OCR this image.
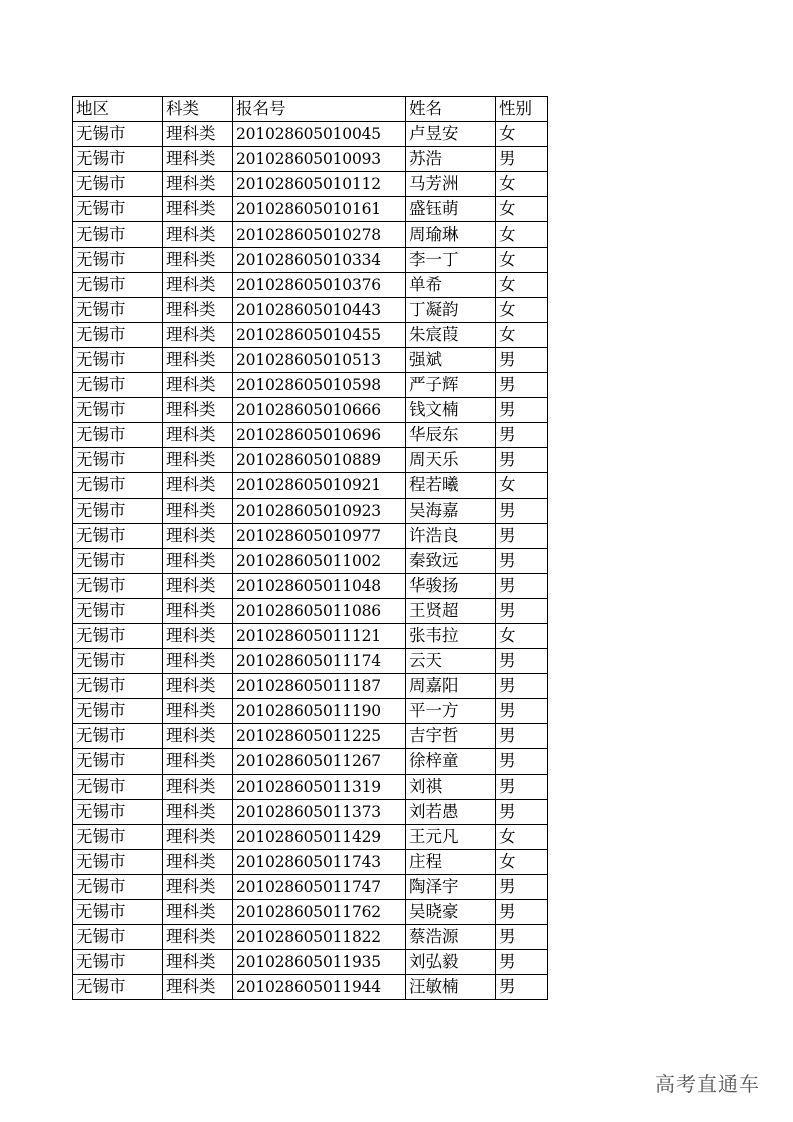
地区	科类	报名号	姓名	性别
无锡市	理科类	201028605010045	卢昱安	女
无锡市	理科类	201028605010093	苏浩	男
无锡市	理科类	201028605010112	马芳洲	女
无锡市	理科类	201028605010161	盛钰萌	女
无锡市	理科类	201028605010278	周瑜琳	女
无锡市	理科类	201028605010334	李一丁	女
无锡市	理科类	201028605010376	单希	女
无锡市	理科类	201028605010443	丁凝韵	女
无锡市	理科类	201028605010455	朱宸葭	女
无锡市	理科类	201028605010513	强斌	男
无锡市	理科类	201028605010598	严子辉	男
无锡市	理科类	201028605010666	钱文楠	男
无锡市	理科类	201028605010696	华辰东	男
无锡市	理科类	201028605010889	周天乐	男
无锡市	理科类	201028605010921	程若曦	女
无锡市	理科类	201028605010923	吴海嘉	男
无锡市	理科类	201028605010977	许浩良	男
无锡市	理科类	201028605011002	秦致远	男
无锡市	理科类	201028605011048	华骏扬	男
无锡市	理科类	201028605011086	王贤超	男
无锡市	理科类	201028605011121	张韦拉	女
无锡市	理科类	201028605011174	云天	男
无锡市	理科类	201028605011187	周嘉阳	男
无锡市	理科类	201028605011190	平一方	男
无锡市	理科类	201028605011225	吉宇哲	男
无锡市	理科类	201028605011267	徐梓童	男
无锡市	理科类	201028605011319	刘祺	男
无锡市	理科类	201028605011373	刘若愚	男
无锡市	理科类	201028605011429	王元凡	女
无锡市	理科类	201028605011743	庄程	女
无锡市	理科类	201028605011747	陶泽宇	男
无锡市	理科类	201028605011762	吴晓豪	男
无锡市	理科类	201028605011822	蔡浩源	男
无锡市	理科类	201028605011935	刘弘毅	男
无锡市	理科类	201028605011944	汪敏楠	男
高考直通车
